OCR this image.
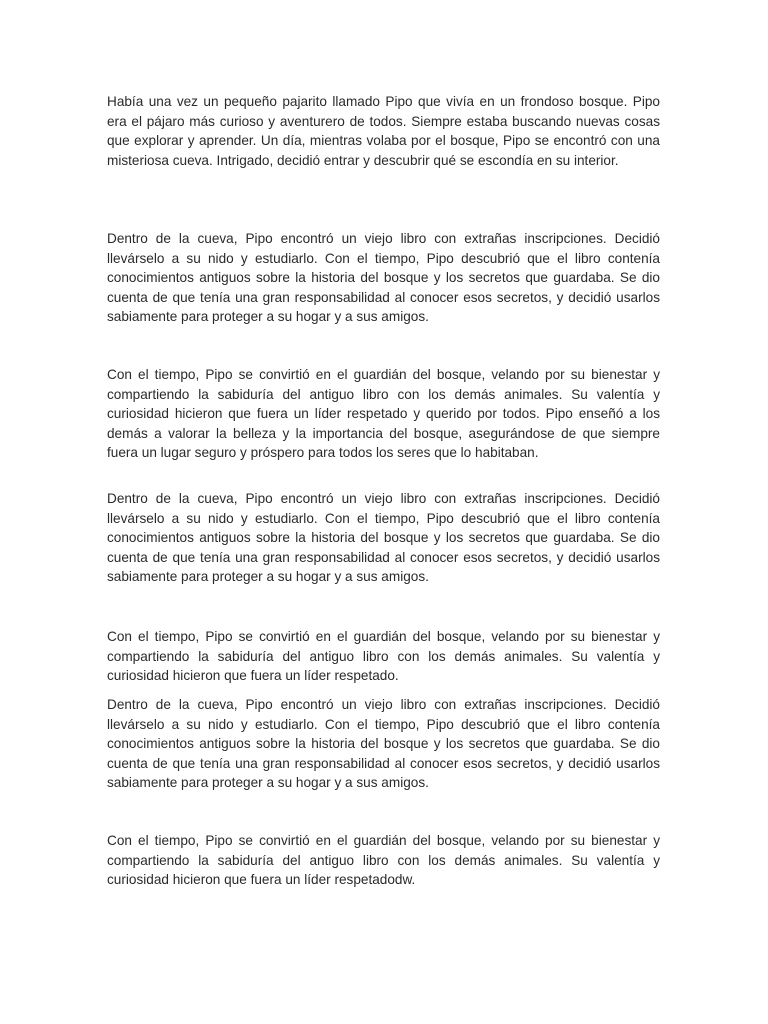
Había una vez un pequeño pajarito llamado Pipo que vivía en un frondoso bosque. Pipo era el pájaro más curioso y aventurero de todos. Siempre estaba buscando nuevas cosas que explorar y aprender. Un día, mientras volaba por el bosque, Pipo se encontró con una misteriosa cueva. Intrigado, decidió entrar y descubrir qué se escondía en su interior.

Dentro de la cueva, Pipo encontró un viejo libro con extrañas inscripciones. Decidió llevárselo a su nido y estudiarlo. Con el tiempo, Pipo descubrió que el libro contenía conocimientos antiguos sobre la historia del bosque y los secretos que guardaba. Se dio cuenta de que tenía una gran responsabilidad al conocer esos secretos, y decidió usarlos sabiamente para proteger a su hogar y a sus amigos.

Con el tiempo, Pipo se convirtió en el guardián del bosque, velando por su bienestar y compartiendo la sabiduría del antiguo libro con los demás animales. Su valentía y curiosidad hicieron que fuera un líder respetado y querido por todos. Pipo enseñó a los demás a valorar la belleza y la importancia del bosque, asegurándose de que siempre fuera un lugar seguro y próspero para todos los seres que lo habitaban.

Dentro de la cueva, Pipo encontró un viejo libro con extrañas inscripciones. Decidió llevárselo a su nido y estudiarlo. Con el tiempo, Pipo descubrió que el libro contenía conocimientos antiguos sobre la historia del bosque y los secretos que guardaba. Se dio cuenta de que tenía una gran responsabilidad al conocer esos secretos, y decidió usarlos sabiamente para proteger a su hogar y a sus amigos.

Con el tiempo, Pipo se convirtió en el guardián del bosque, velando por su bienestar y compartiendo la sabiduría del antiguo libro con los demás animales. Su valentía y curiosidad hicieron que fuera un líder respetado.

Dentro de la cueva, Pipo encontró un viejo libro con extrañas inscripciones. Decidió llevárselo a su nido y estudiarlo. Con el tiempo, Pipo descubrió que el libro contenía conocimientos antiguos sobre la historia del bosque y los secretos que guardaba. Se dio cuenta de que tenía una gran responsabilidad al conocer esos secretos, y decidió usarlos sabiamente para proteger a su hogar y a sus amigos.

Con el tiempo, Pipo se convirtió en el guardián del bosque, velando por su bienestar y compartiendo la sabiduría del antiguo libro con los demás animales. Su valentía y curiosidad hicieron que fuera un líder respetadodw.
